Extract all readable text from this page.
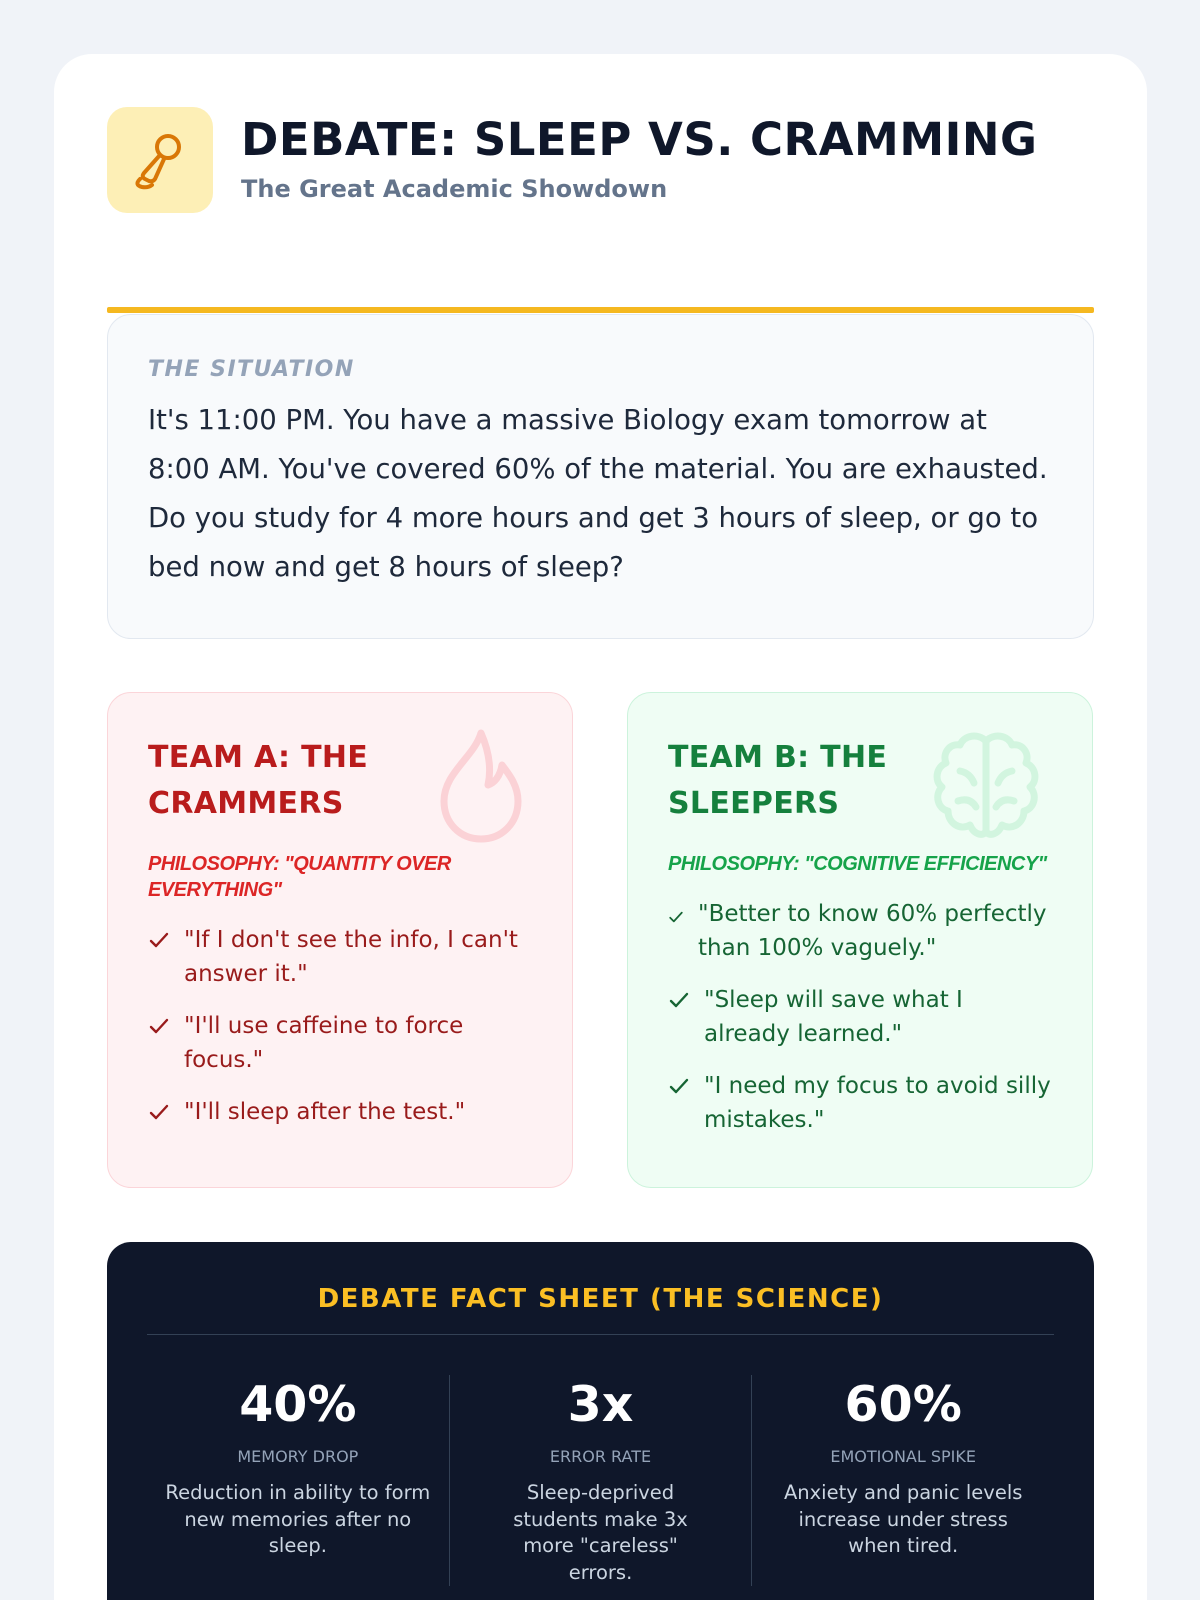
DEBATE: SLEEP VS. CRAMMING
The Great Academic Showdown
THE SITUATION
It's 11:00 PM. You have a massive Biology exam tomorrow at 8:00 AM. You've covered 60% of the material. You are exhausted. Do you study for 4 more hours and get 3 hours of sleep, or go to bed now and get 8 hours of sleep?
TEAM A: THE CRAMMERS
PHILOSOPHY: "QUANTITY OVER EVERYTHING"
"If I don't see the info, I can't answer it."
"I'll use caffeine to force focus."
"I'll sleep after the test."
TEAM B: THE SLEEPERS
PHILOSOPHY: "COGNITIVE EFFICIENCY"
"Better to know 60% perfectly than 100% vaguely."
"Sleep will save what I already learned."
"I need my focus to avoid silly mistakes."
DEBATE FACT SHEET (THE SCIENCE)
40%
MEMORY DROP
Reduction in ability to form new memories after no sleep.
3x
ERROR RATE
Sleep-deprived students make 3x more "careless" errors.
60%
EMOTIONAL SPIKE
Anxiety and panic levels increase under stress when tired.
